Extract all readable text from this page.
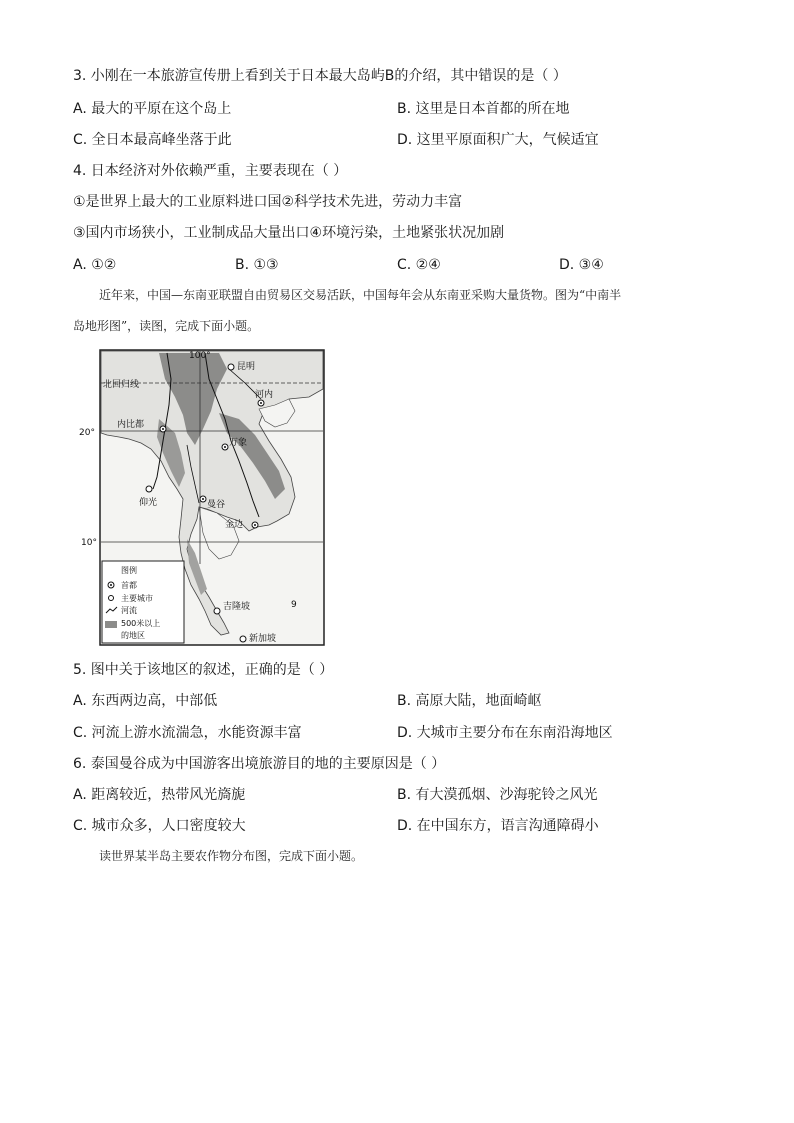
3. 小刚在一本旅游宣传册上看到关于日本最大岛屿B的介绍，其中错误的是（ ）
A. 最大的平原在这个岛上	B. 这里是日本首都的所在地
C. 全日本最高峰坐落于此	D. 这里平原面积广大，气候适宜
4. 日本经济对外依赖严重，主要表现在（ ）
①是世界上最大的工业原料进口国②科学技术先进，劳动力丰富
③国内市场狭小，工业制成品大量出口④环境污染，土地紧张状况加剧
A. ①②	B. ①③	C. ②④	D. ③④
近年来，中国—东南亚联盟自由贸易区交易活跃，中国每年会从东南亚采购大量货物。图为“中南半
岛地形图”，读图，完成下面小题。
昆明
河内
内比都
万象
仰光	曼谷
金边
吉隆坡
新加坡
9
100°
北回归线
20°
10°
图例
首都
主要城市
河流
500米以上
的地区
5. 图中关于该地区的叙述，正确的是（ ）
A. 东西两边高，中部低	B. 高原大陆，地面崎岖
C. 河流上游水流湍急，水能资源丰富	D. 大城市主要分布在东南沿海地区
6. 泰国曼谷成为中国游客出境旅游目的地的主要原因是（ ）
A. 距离较近，热带风光旖旎	B. 有大漠孤烟、沙海驼铃之风光
C. 城市众多，人口密度较大	D. 在中国东方，语言沟通障碍小
读世界某半岛主要农作物分布图，完成下面小题。
